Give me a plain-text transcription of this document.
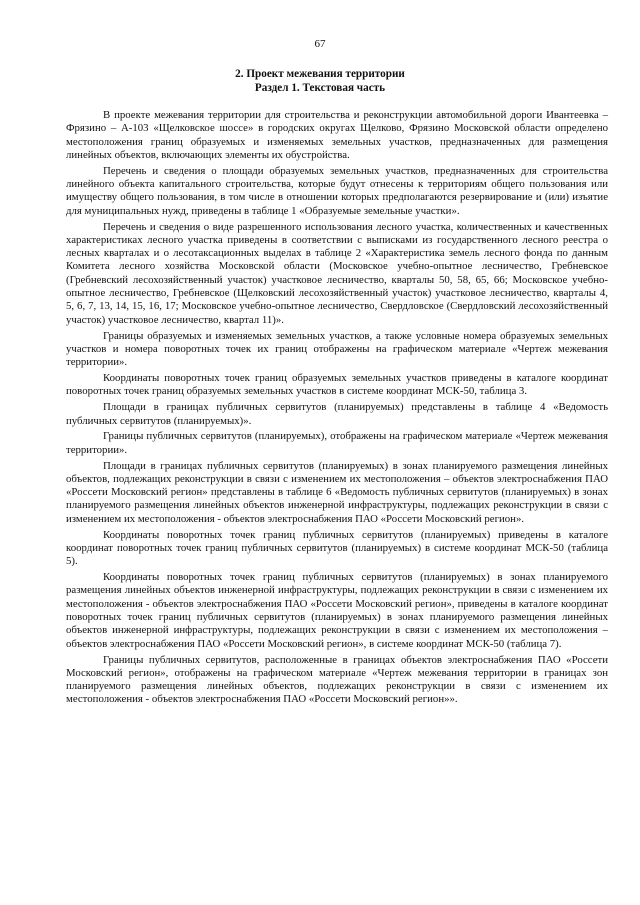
67
2. Проект межевания территории
Раздел 1. Текстовая часть

В проекте межевания территории для строительства и реконструкции автомобильной дороги Ивантеевка – Фрязино – А-103 «Щелковское шоссе» в городских округах Щелково, Фрязино Московской области определено местоположения границ образуемых и изменяемых земельных участков, предназначенных для размещения линейных объектов, включающих элементы их обустройства.

Перечень и сведения о площади образуемых земельных участков, предназначенных для строительства линейного объекта капитального строительства, которые будут отнесены к территориям общего пользования или имуществу общего пользования, в том числе в отношении которых предполагаются резервирование и (или) изъятие для муниципальных нужд, приведены в таблице 1 «Образуемые земельные участки».

Перечень и сведения о виде разрешенного использования лесного участка, количественных и качественных характеристиках лесного участка приведены в соответствии с выписками из государственного лесного реестра о лесных кварталах и о лесотаксационных выделах в таблице 2 «Характеристика земель лесного фонда по данным Комитета лесного хозяйства Московской области (Московское учебно-опытное лесничество, Гребневское (Гребневский лесохозяйственный участок) участковое лесничество, кварталы 50, 58, 65, 66; Московское учебно-опытное лесничество, Гребневское (Щелковский лесохозяйственный участок) участковое лесничество, кварталы 4, 5, 6, 7, 13, 14, 15, 16, 17; Московское учебно-опытное лесничество, Свердловское (Свердловский лесохозяйственный участок) участковое лесничество, квартал 11)».

Границы образуемых и изменяемых земельных участков, а также условные номера образуемых земельных участков и номера поворотных точек их границ отображены на графическом материале «Чертеж межевания территории».

Координаты поворотных точек границ образуемых земельных участков приведены в каталоге координат поворотных точек границ образуемых земельных участков в системе координат МСК-50, таблица 3.

Площади в границах публичных сервитутов (планируемых) представлены в таблице 4 «Ведомость публичных сервитутов (планируемых)».

Границы публичных сервитутов (планируемых), отображены на графическом материале «Чертеж межевания территории».

Площади в границах публичных сервитутов (планируемых) в зонах планируемого размещения линейных объектов, подлежащих реконструкции в связи с изменением их местоположения – объектов электроснабжения ПАО «Россети Московский регион» представлены в таблице 6 «Ведомость публичных сервитутов (планируемых) в зонах планируемого размещения линейных объектов инженерной инфраструктуры, подлежащих реконструкции в связи с изменением их местоположения - объектов электроснабжения ПАО «Россети Московский регион».

Координаты поворотных точек границ публичных сервитутов (планируемых) приведены в каталоге координат поворотных точек границ публичных сервитутов (планируемых) в системе координат МСК-50 (таблица 5).

Координаты поворотных точек границ публичных сервитутов (планируемых) в зонах планируемого размещения линейных объектов инженерной инфраструктуры, подлежащих реконструкции в связи с изменением их местоположения - объектов электроснабжения ПАО «Россети Московский регион», приведены в каталоге координат поворотных точек границ публичных сервитутов (планируемых) в зонах планируемого размещения линейных объектов инженерной инфраструктуры, подлежащих реконструкции в связи с изменением их местоположения – объектов электроснабжения ПАО «Россети Московский регион», в системе координат МСК-50 (таблица 7).

Границы публичных сервитутов, расположенные в границах объектов электроснабжения ПАО «Россети Московский регион», отображены на графическом материале «Чертеж межевания территории в границах зон планируемого размещения линейных объектов, подлежащих реконструкции в связи с изменением их местоположения - объектов электроснабжения ПАО «Россети Московский регион»».
